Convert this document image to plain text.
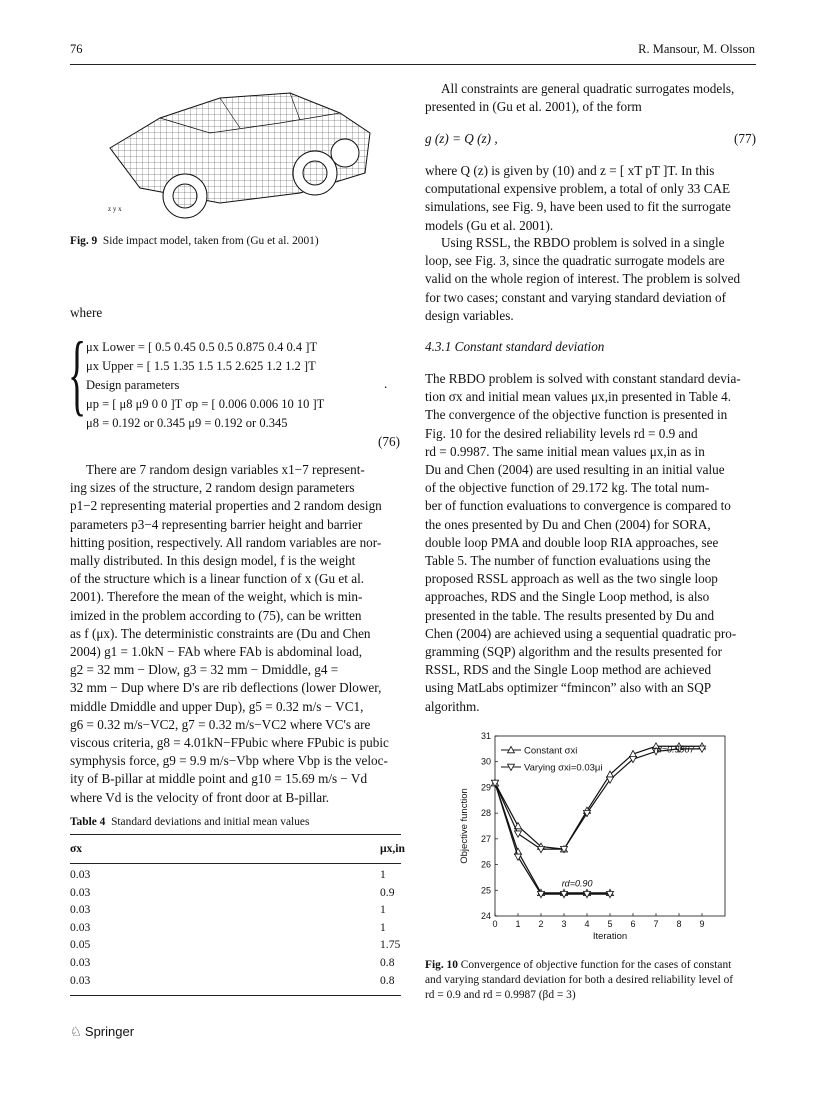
76	R. Mansour, M. Olsson
z y x
Fig. 9 Side impact model, taken from (Gu et al. 2001)
where
{ μx Lower = [ 0.5 0.45 0.5 0.5 0.875 0.4 0.4 ]T
μx Upper = [ 1.5 1.35 1.5 1.5 2.625 1.2 1.2 ]T
Design parameters
μp = [ μ8 μ9 0 0 ]T σp = [ 0.006 0.006 10 10 ]T
μ8 = 0.192 or 0.345 μ9 = 0.192 or 0.345
.
(76)
There are 7 random design variables x1−7 represent-
ing sizes of the structure, 2 random design parameters
p1−2 representing material properties and 2 random design
parameters p3−4 representing barrier height and barrier
hitting position, respectively. All random variables are nor-
mally distributed. In this design model, f is the weight
of the structure which is a linear function of x (Gu et al.
2001). Therefore the mean of the weight, which is min-
imized in the problem according to (75), can be written
as f (μx). The deterministic constraints are (Du and Chen
2004) g1 = 1.0kN − FAb where FAb is abdominal load,
g2 = 32 mm − Dlow, g3 = 32 mm − Dmiddle, g4 =
32 mm − Dup where D's are rib deflections (lower Dlower,
middle Dmiddle and upper Dup), g5 = 0.32 m/s − VC1,
g6 = 0.32 m/s−VC2, g7 = 0.32 m/s−VC2 where VC's are
viscous criteria, g8 = 4.01kN−FPubic where FPubic is pubic
symphysis force, g9 = 9.9 m/s−Vbp where Vbp is the veloc-
ity of B-pillar at middle point and g10 = 15.69 m/s − Vd
where Vd is the velocity of front door at B-pillar.
Table 4 Standard deviations and initial mean values
σx	μx,in
0.03	1
0.03	0.9
0.03	1
0.03	1
0.05	1.75
0.03	0.8
0.03	0.8
All constraints are general quadratic surrogates models,
presented in (Gu et al. 2001), of the form
g (z) = Q (z) ,	(77)
where Q (z) is given by (10) and z = [ xT pT ]T. In this
computational expensive problem, a total of only 33 CAE
simulations, see Fig. 9, have been used to fit the surrogate
models (Gu et al. 2001).
Using RSSL, the RBDO problem is solved in a single
loop, see Fig. 3, since the quadratic surrogate models are
valid on the whole region of interest. The problem is solved
for two cases; constant and varying standard deviation of
design variables.
4.3.1 Constant standard deviation
The RBDO problem is solved with constant standard devia-
tion σx and initial mean values μx,in presented in Table 4.
The convergence of the objective function is presented in
Fig. 10 for the desired reliability levels rd = 0.9 and
rd = 0.9987. The same initial mean values μx,in as in
Du and Chen (2004) are used resulting in an initial value
of the objective function of 29.172 kg. The total num-
ber of function evaluations to convergence is compared to
the ones presented by Du and Chen (2004) for SORA,
double loop PMA and double loop RIA approaches, see
Table 5. The number of function evaluations using the
proposed RSSL approach as well as the two single loop
approaches, RDS and the Single Loop method, is also
presented in the table. The results presented by Du and
Chen (2004) are achieved using a sequential quadratic pro-
gramming (SQP) algorithm and the results presented for
RSSL, RDS and the Single Loop method are achieved
using MatLabs optimizer “fmincon” also with an SQP
algorithm.
0 1 2 3 4 5 6 7 8 9
24
25
26
27
28
29
30
31
Iteration
Objective function
Constant σxi
Varying σxi=0.03μi
rd=0.9987
rd=0.90
Fig. 10 Convergence of objective function for the cases of constant
and varying standard deviation for both a desired reliability level of
rd = 0.9 and rd = 0.9987 (βd = 3)
♘ Springer
